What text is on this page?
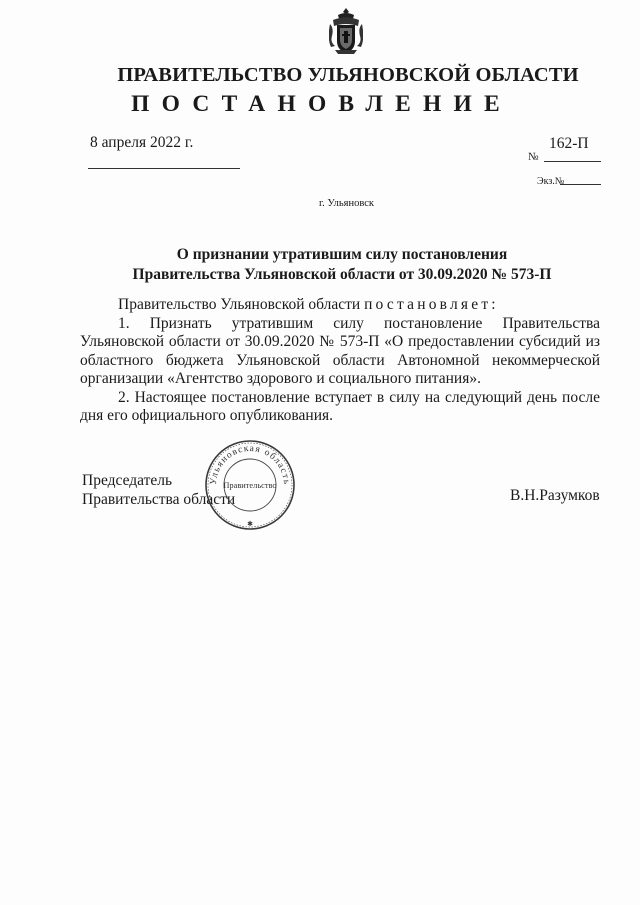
ПРАВИТЕЛЬСТВО УЛЬЯНОВСКОЙ ОБЛАСТИ
ПОСТАНОВЛЕНИЕ
8 апреля 2022 г.	162-П
№
Экз.№
г. Ульяновск
О признании утратившим силу постановления
Правительства Ульяновской области от 30.09.2020 № 573-П

Правительство Ульяновской области постановляет:

1. Признать утратившим силу постановление Правительства Ульяновской области от 30.09.2020 № 573-П «О предоставлении субсидий из областного бюджета Ульяновской области Автономной некоммерческой организации «Агентство здорового и социального питания».

2. Настоящее постановление вступает в силу на следующий день после дня его официального опубликования.

Председатель
Правительства области	В.Н.Разумков
Ульяновская область
Правительство
✱
